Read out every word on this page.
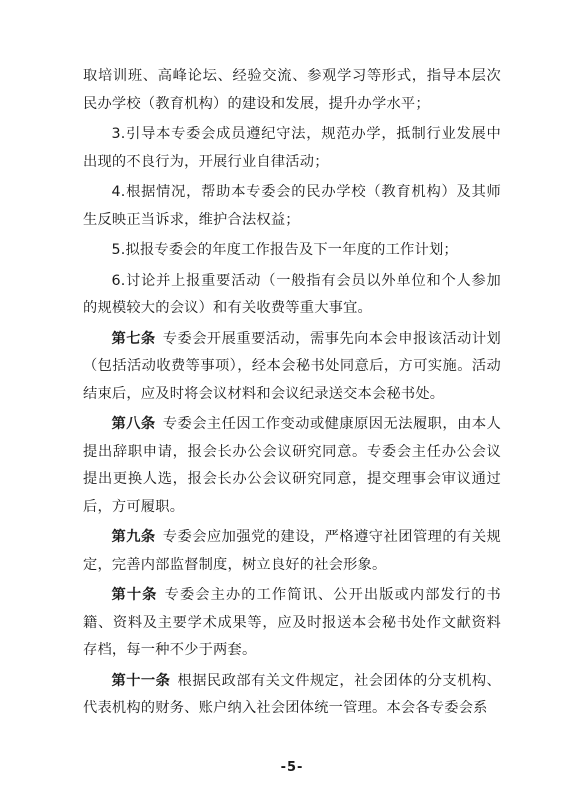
取培训班、高峰论坛、经验交流、参观学习等形式，指导本层次民办学校（教育机构）的建设和发展，提升办学水平；

3.引导本专委会成员遵纪守法，规范办学，抵制行业发展中出现的不良行为，开展行业自律活动；

4.根据情况，帮助本专委会的民办学校（教育机构）及其师生反映正当诉求，维护合法权益；

5.拟报专委会的年度工作报告及下一年度的工作计划；

6.讨论并上报重要活动（一般指有会员以外单位和个人参加的规模较大的会议）和有关收费等重大事宜。

第七条 专委会开展重要活动，需事先向本会申报该活动计划（包括活动收费等事项），经本会秘书处同意后，方可实施。活动结束后，应及时将会议材料和会议纪录送交本会秘书处。

第八条 专委会主任因工作变动或健康原因无法履职，由本人提出辞职申请，报会长办公会议研究同意。专委会主任办公会议提出更换人选，报会长办公会议研究同意，提交理事会审议通过后，方可履职。

第九条 专委会应加强党的建设，严格遵守社团管理的有关规定，完善内部监督制度，树立良好的社会形象。

第十条 专委会主办的工作简讯、公开出版或内部发行的书籍、资料及主要学术成果等，应及时报送本会秘书处作文献资料存档，每一种不少于两套。

第十一条 根据民政部有关文件规定，社会团体的分支机构、代表机构的财务、账户纳入社会团体统一管理。本会各专委会系

-5-
